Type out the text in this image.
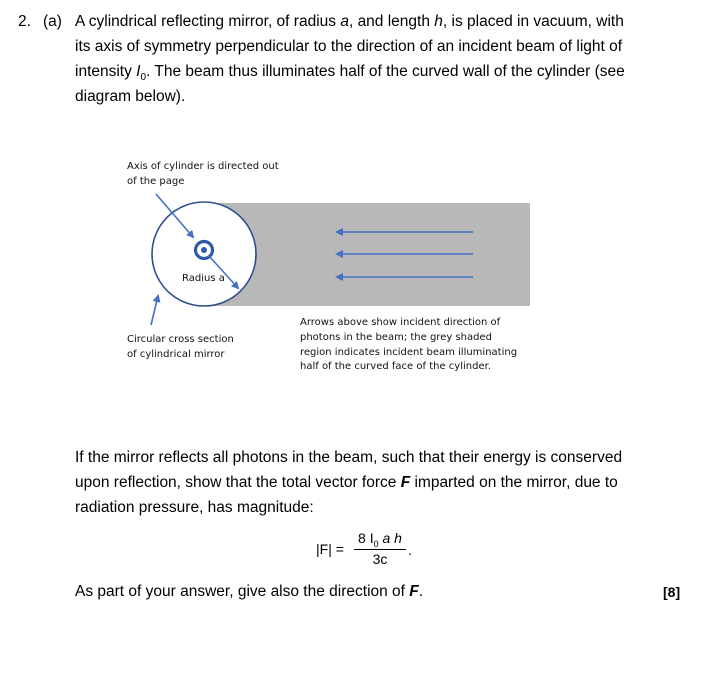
2. (a) A cylindrical reflecting mirror, of radius a, and length h, is placed in vacuum, with
its axis of symmetry perpendicular to the direction of an incident beam of light of
intensity $I_0$. The beam thus illuminates half of the curved wall of the cylinder (see
diagram below).
Axis of cylinder is directed out
of the page
Radius a
Circular cross section
of cylindrical mirror
Arrows above show incident direction of
photons in the beam; the grey shaded
region indicates incident beam illuminating
half of the curved face of the cylinder.
If the mirror reflects all photons in the beam, such that their energy is conserved
upon reflection, show that the total vector force F imparted on the mirror, due to
radiation pressure, has magnitude:
|F| =
8 $I_0$ a h
3c
.
As part of your answer, give also the direction of F.	[8]
